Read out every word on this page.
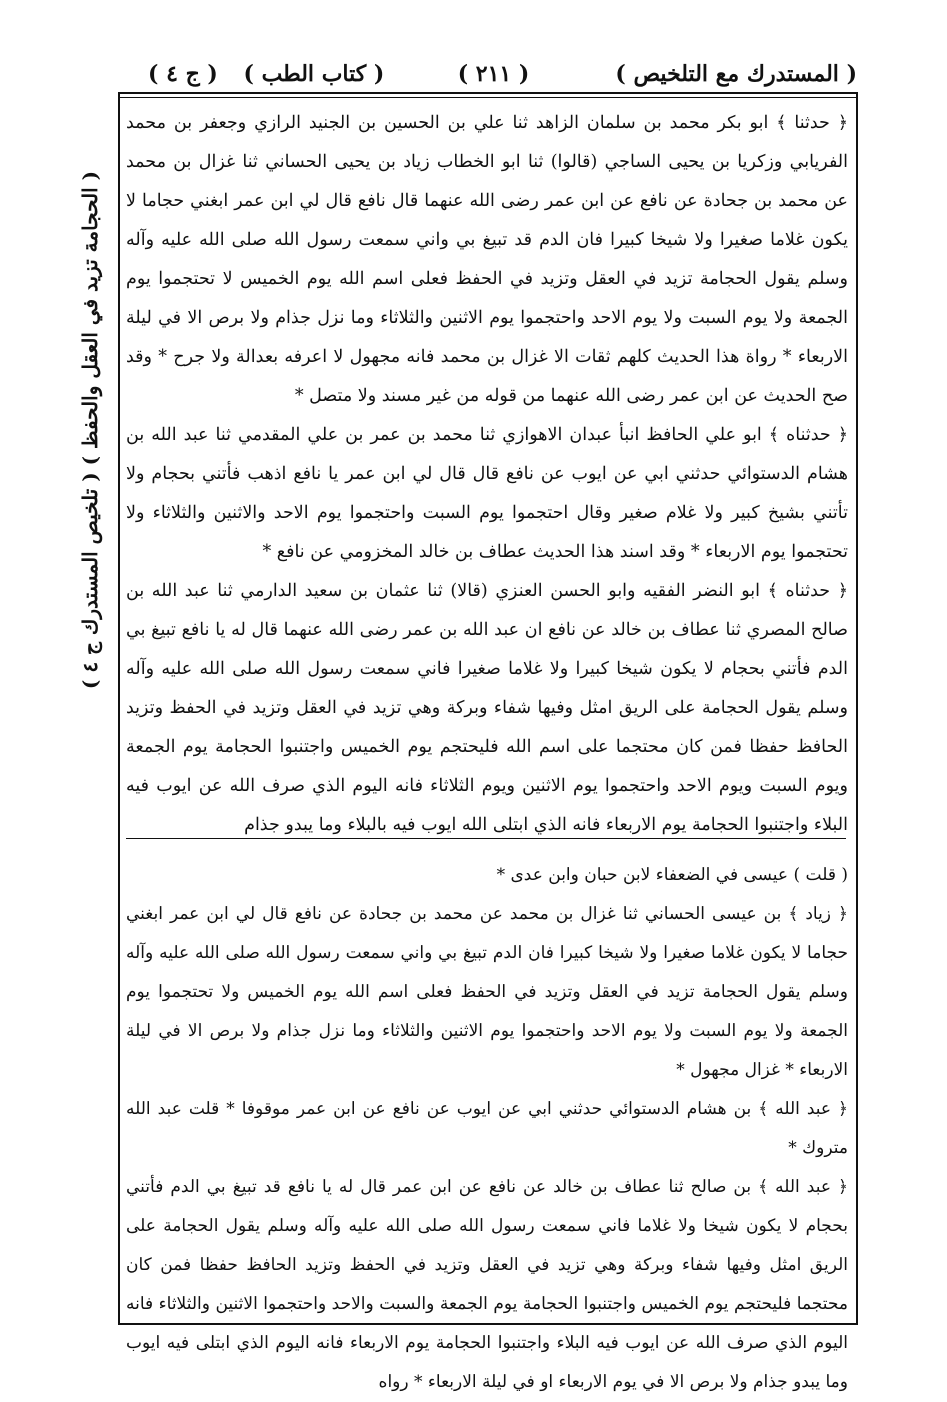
( المستدرك مع التلخيص )
( ٢١١ )
( كتاب الطب ) ( ج ٤ )
( الحجامة تزيد في العقل والحفظ ) ( تلخيص المستدرك ج ٤ )

﴿ حدثنا ﴾ ابو بكر محمد بن سلمان الزاهد ثنا علي بن الحسين بن الجنيد الرازي وجعفر بن محمد الفريابي وزكريا بن يحيى الساجي (قالوا) ثنا ابو الخطاب زياد بن يحيى الحساني ثنا غزال بن محمد عن محمد بن جحادة عن نافع عن ابن عمر رضى الله عنهما قال نافع قال لي ابن عمر ابغني حجاما لا يكون غلاما صغيرا ولا شيخا كبيرا فان الدم قد تبيغ بي واني سمعت رسول الله صلى الله عليه وآله وسلم يقول الحجامة تزيد في العقل وتزيد في الحفظ فعلى اسم الله يوم الخميس لا تحتجموا يوم الجمعة ولا يوم السبت ولا يوم الاحد واحتجموا يوم الاثنين والثلاثاء وما نزل جذام ولا برص الا في ليلة الاربعاء * رواة هذا الحديث كلهم ثقات الا غزال بن محمد فانه مجهول لا اعرفه بعدالة ولا جرح * وقد صح الحديث عن ابن عمر رضى الله عنهما من قوله من غير مسند ولا متصل *

﴿ حدثناه ﴾ ابو علي الحافظ انبأ عبدان الاهوازي ثنا محمد بن عمر بن علي المقدمي ثنا عبد الله بن هشام الدستوائي حدثني ابي عن ايوب عن نافع قال قال لي ابن عمر يا نافع اذهب فأتني بحجام ولا تأتني بشيخ كبير ولا غلام صغير وقال احتجموا يوم السبت واحتجموا يوم الاحد والاثنين والثلاثاء ولا تحتجموا يوم الاربعاء * وقد اسند هذا الحديث عطاف بن خالد المخزومي عن نافع *

﴿ حدثناه ﴾ ابو النضر الفقيه وابو الحسن العنزي (قالا) ثنا عثمان بن سعيد الدارمي ثنا عبد الله بن صالح المصري ثنا عطاف بن خالد عن نافع ان عبد الله بن عمر رضى الله عنهما قال له يا نافع تبيغ بي الدم فأتني بحجام لا يكون شيخا كبيرا ولا غلاما صغيرا فاني سمعت رسول الله صلى الله عليه وآله وسلم يقول الحجامة على الريق امثل وفيها شفاء وبركة وهي تزيد في العقل وتزيد في الحفظ وتزيد الحافظ حفظا فمن كان محتجما على اسم الله فليحتجم يوم الخميس واجتنبوا الحجامة يوم الجمعة ويوم السبت ويوم الاحد واحتجموا يوم الاثنين ويوم الثلاثاء فانه اليوم الذي صرف الله عن ايوب فيه البلاء واجتنبوا الحجامة يوم الاربعاء فانه الذي ابتلى الله ايوب فيه بالبلاء وما يبدو جذام

( قلت ) عيسى في الضعفاء لابن حبان وابن عدى *

﴿ زياد ﴾ بن عيسى الحساني ثنا غزال بن محمد عن محمد بن جحادة عن نافع قال لي ابن عمر ابغني حجاما لا يكون غلاما صغيرا ولا شيخا كبيرا فان الدم تبيغ بي واني سمعت رسول الله صلى الله عليه وآله وسلم يقول الحجامة تزيد في العقل وتزيد في الحفظ فعلى اسم الله يوم الخميس ولا تحتجموا يوم الجمعة ولا يوم السبت ولا يوم الاحد واحتجموا يوم الاثنين والثلاثاء وما نزل جذام ولا برص الا في ليلة الاربعاء * غزال مجهول *

﴿ عبد الله ﴾ بن هشام الدستوائي حدثني ابي عن ايوب عن نافع عن ابن عمر موقوفا * قلت عبد الله متروك *

﴿ عبد الله ﴾ بن صالح ثنا عطاف بن خالد عن نافع عن ابن عمر قال له يا نافع قد تبيغ بي الدم فأتني بحجام لا يكون شيخا ولا غلاما فاني سمعت رسول الله صلى الله عليه وآله وسلم يقول الحجامة على الريق امثل وفيها شفاء وبركة وهي تزيد في العقل وتزيد في الحفظ وتزيد الحافظ حفظا فمن كان محتجما فليحتجم يوم الخميس واجتنبوا الحجامة يوم الجمعة والسبت والاحد واحتجموا الاثنين والثلاثاء فانه اليوم الذي صرف الله عن ايوب فيه البلاء واجتنبوا الحجامة يوم الاربعاء فانه اليوم الذي ابتلى فيه ايوب وما يبدو جذام ولا برص الا في يوم الاربعاء او في ليلة الاربعاء * رواه
